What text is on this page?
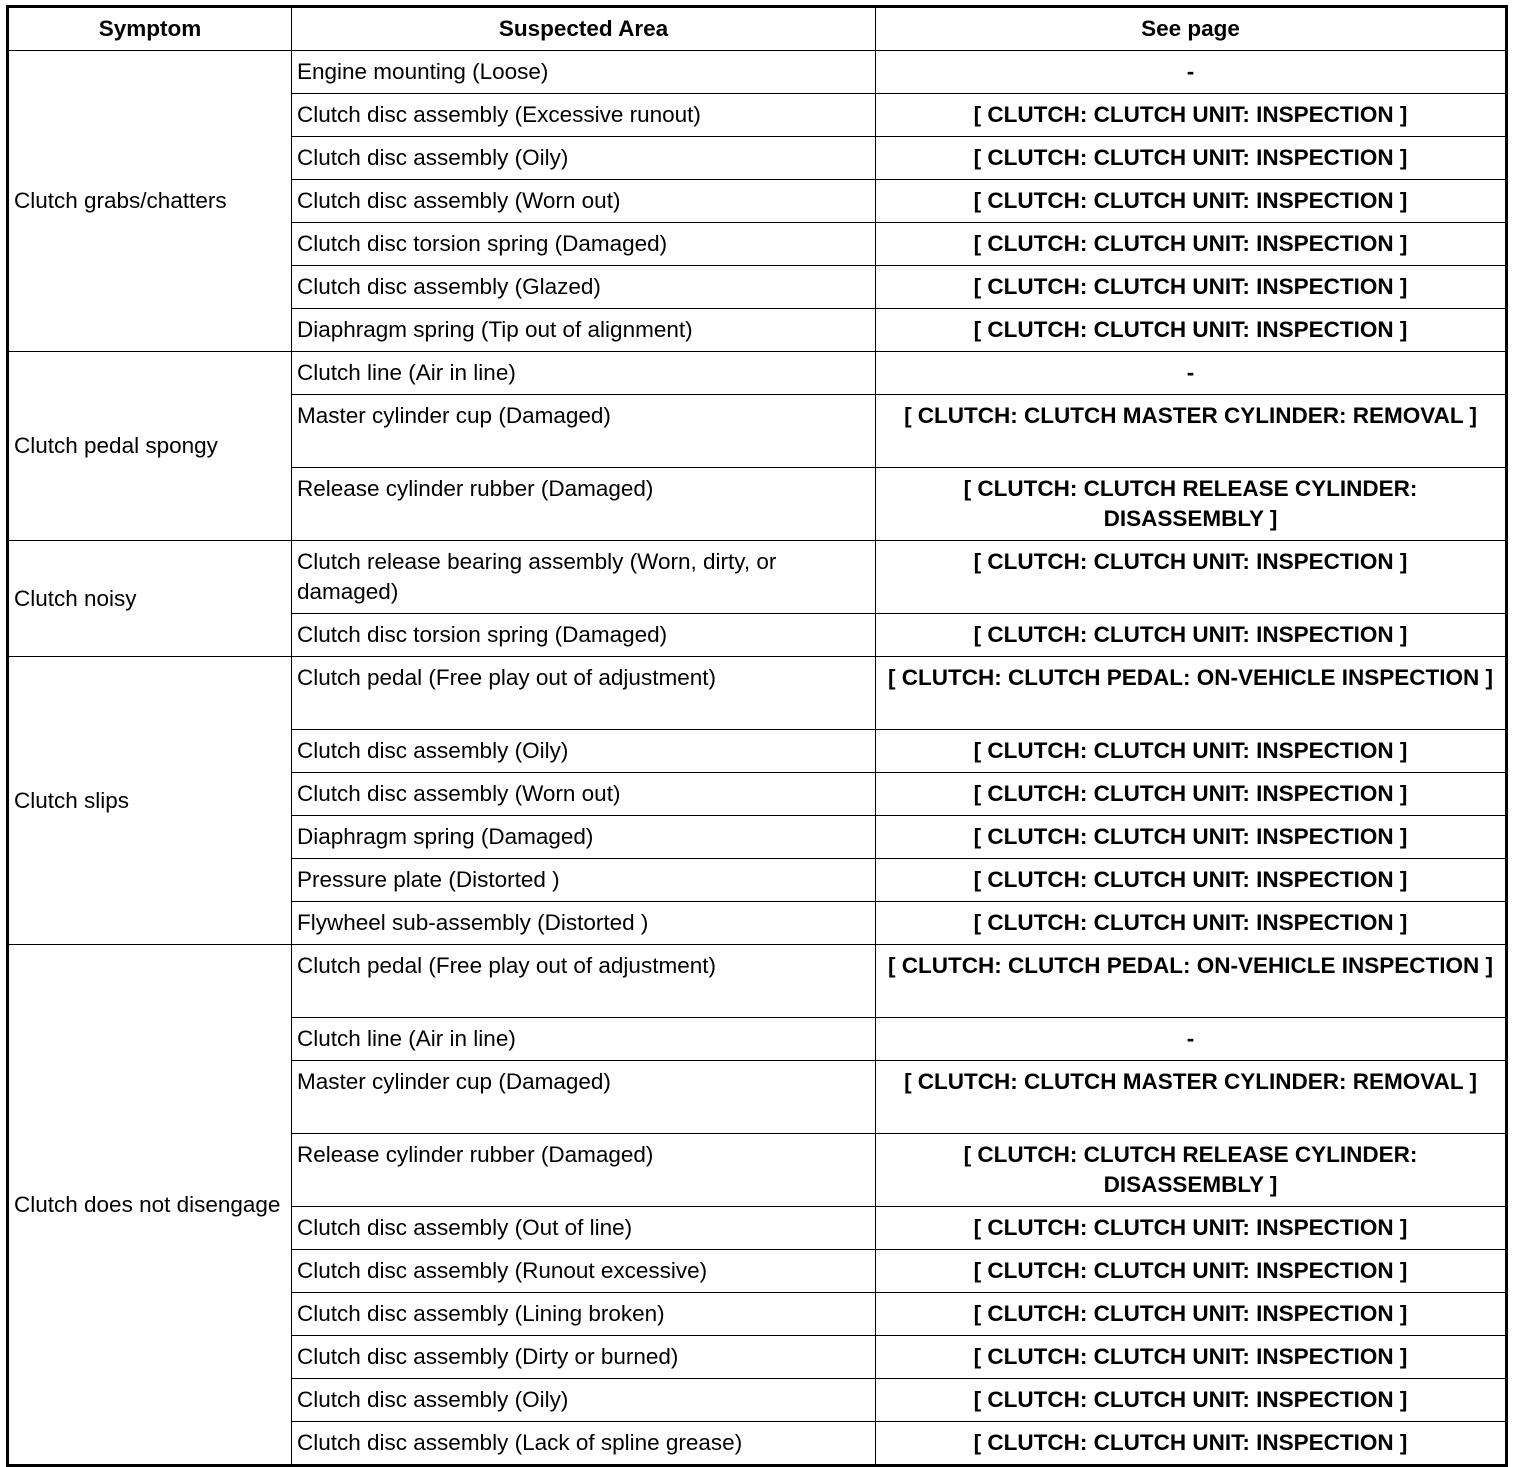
Symptom	Suspected Area	See page
Clutch grabs/chatters	Engine mounting (Loose)	-
	Clutch disc assembly (Excessive runout)	[ CLUTCH: CLUTCH UNIT: INSPECTION ]
	Clutch disc assembly (Oily)	[ CLUTCH: CLUTCH UNIT: INSPECTION ]
	Clutch disc assembly (Worn out)	[ CLUTCH: CLUTCH UNIT: INSPECTION ]
	Clutch disc torsion spring (Damaged)	[ CLUTCH: CLUTCH UNIT: INSPECTION ]
	Clutch disc assembly (Glazed)	[ CLUTCH: CLUTCH UNIT: INSPECTION ]
	Diaphragm spring (Tip out of alignment)	[ CLUTCH: CLUTCH UNIT: INSPECTION ]
Clutch pedal spongy	Clutch line (Air in line)	-
	Master cylinder cup (Damaged)	[ CLUTCH: CLUTCH MASTER CYLINDER: REMOVAL ]
	Release cylinder rubber (Damaged)	[ CLUTCH: CLUTCH RELEASE CYLINDER: DISASSEMBLY ]
Clutch noisy	Clutch release bearing assembly (Worn, dirty, or damaged)	[ CLUTCH: CLUTCH UNIT: INSPECTION ]
	Clutch disc torsion spring (Damaged)	[ CLUTCH: CLUTCH UNIT: INSPECTION ]
Clutch slips	Clutch pedal (Free play out of adjustment)	[ CLUTCH: CLUTCH PEDAL: ON-VEHICLE INSPECTION ]
	Clutch disc assembly (Oily)	[ CLUTCH: CLUTCH UNIT: INSPECTION ]
	Clutch disc assembly (Worn out)	[ CLUTCH: CLUTCH UNIT: INSPECTION ]
	Diaphragm spring (Damaged)	[ CLUTCH: CLUTCH UNIT: INSPECTION ]
	Pressure plate (Distorted )	[ CLUTCH: CLUTCH UNIT: INSPECTION ]
	Flywheel sub-assembly (Distorted )	[ CLUTCH: CLUTCH UNIT: INSPECTION ]
Clutch does not disengage	Clutch pedal (Free play out of adjustment)	[ CLUTCH: CLUTCH PEDAL: ON-VEHICLE INSPECTION ]
	Clutch line (Air in line)	-
	Master cylinder cup (Damaged)	[ CLUTCH: CLUTCH MASTER CYLINDER: REMOVAL ]
	Release cylinder rubber (Damaged)	[ CLUTCH: CLUTCH RELEASE CYLINDER: DISASSEMBLY ]
	Clutch disc assembly (Out of line)	[ CLUTCH: CLUTCH UNIT: INSPECTION ]
	Clutch disc assembly (Runout excessive)	[ CLUTCH: CLUTCH UNIT: INSPECTION ]
	Clutch disc assembly (Lining broken)	[ CLUTCH: CLUTCH UNIT: INSPECTION ]
	Clutch disc assembly (Dirty or burned)	[ CLUTCH: CLUTCH UNIT: INSPECTION ]
	Clutch disc assembly (Oily)	[ CLUTCH: CLUTCH UNIT: INSPECTION ]
	Clutch disc assembly (Lack of spline grease)	[ CLUTCH: CLUTCH UNIT: INSPECTION ]
